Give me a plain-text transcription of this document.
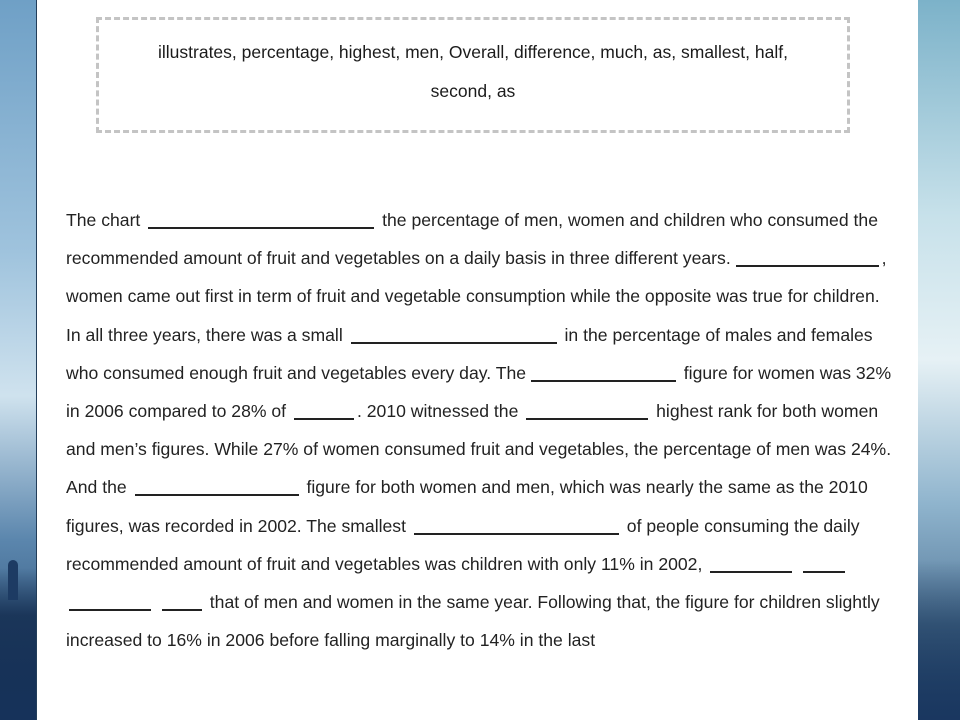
illustrates, percentage, highest, men, Overall, difference, much, as, smallest, half,
second, as
The chart	the percentage of men, women and children who consumed the recommended amount of fruit and vegetables on a daily basis in three different years.	, women came out first in term of fruit and vegetable consumption while the opposite was true for children. In all three years, there was a small	in the percentage of males and females who consumed enough fruit and vegetables every day. The	figure for women was 32% in 2006 compared to 28% of	. 2010 witnessed the	highest rank for both women and men’s figures. While 27% of women consumed fruit and vegetables, the percentage of men was 24%. And the	figure for both women and men, which was nearly the same as the 2010 figures, was recorded in 2002. The smallest	of people consuming the daily recommended amount of fruit and vegetables was children with only 11% in 2002,     that of men and women in the same year. Following that, the figure for children slightly increased to 16% in 2006 before falling marginally to 14% in the last
